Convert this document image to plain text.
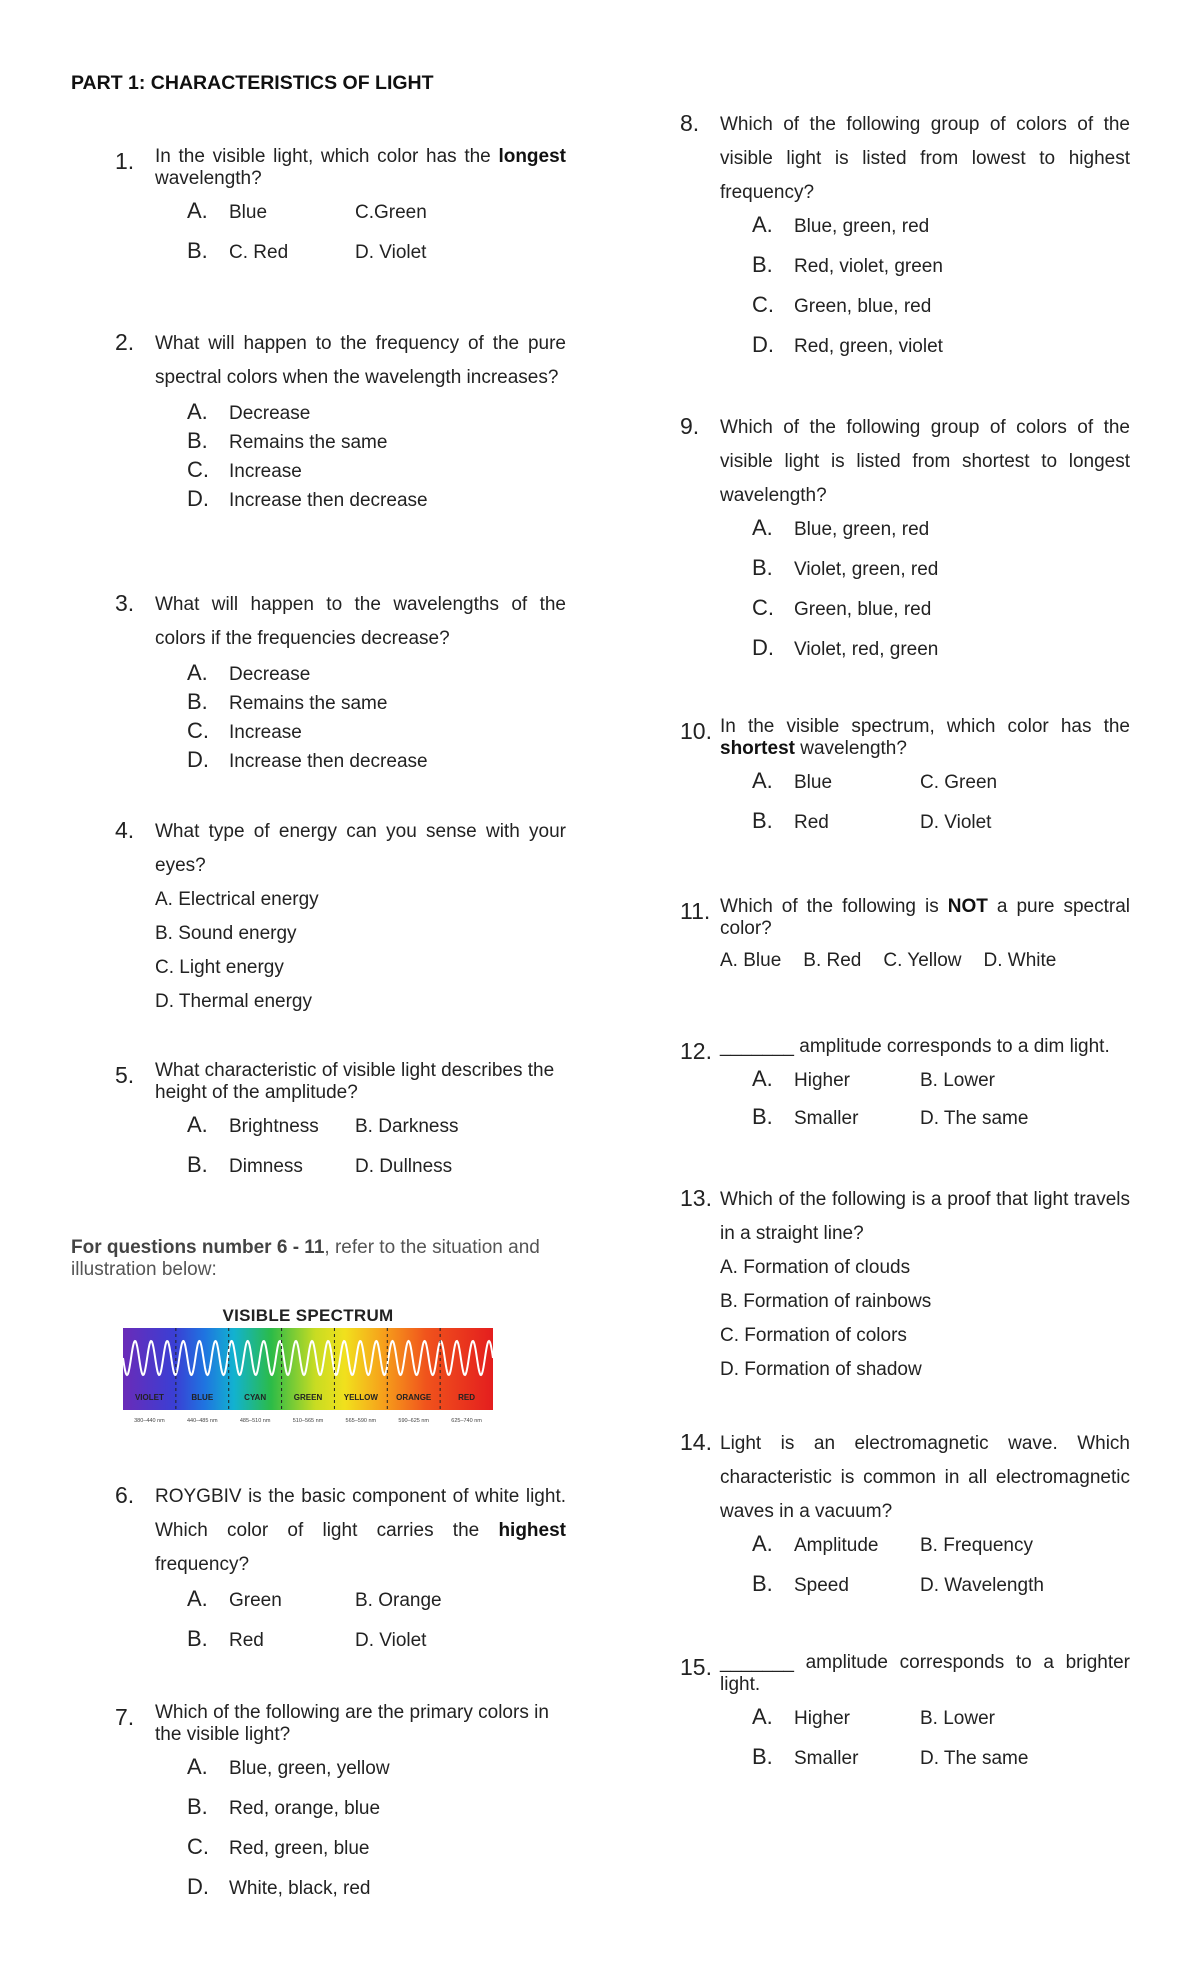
PART 1: CHARACTERISTICS OF LIGHT
1. In the visible light, which color has the longest wavelength?
A.	Blue	C.Green
B.	C. Red	D. Violet
2. What will happen to the frequency of the pure spectral colors when the wavelength increases?
A.	Decrease
B.	Remains the same
C.	Increase
D.	Increase then decrease
3. What will happen to the wavelengths of the colors if the frequencies decrease?
A.	Decrease
B.	Remains the same
C.	Increase
D.	Increase then decrease
4. What type of energy can you sense with your eyes?
A. Electrical energy
B. Sound energy
C. Light energy
D. Thermal energy
5. What characteristic of visible light describes the height of the amplitude?
A.	Brightness B. Darkness
B.	Dimness	D. Dullness
For questions number 6 - 11, refer to the situation and illustration below:
VISIBLE SPECTRUM
VIOLET	BLUE	CYAN	GREEN	YELLOW ORANGE	RED
380–440 nm	440–485 nm	485–510 nm	510–565 nm	565–590 nm	590–625 nm	625–740 nm
6. ROYGBIV is the basic component of white light. Which color of light carries the highest frequency?
A.	Green	B. Orange
B.	Red	D. Violet
7. Which of the following are the primary colors in the visible light?
A.	Blue, green, yellow
B.	Red, orange, blue
C.	Red, green, blue
D.	White, black, red
8. Which of the following group of colors of the visible light is listed from lowest to highest frequency?
A.	Blue, green, red
B.	Red, violet, green
C.	Green, blue, red
D.	Red, green, violet
9. Which of the following group of colors of the visible light is listed from shortest to longest wavelength?
A.	Blue, green, red
B.	Violet, green, red
C.	Green, blue, red
D.	Violet, red, green
10. In the visible spectrum, which color has the shortest wavelength?
A.	Blue	C. Green
B.	Red	D. Violet
11. Which of the following is NOT a pure spectral color?
A. Blue B. Red C. Yellow D. White
12. _______ amplitude corresponds to a dim light.
A.	Higher	B. Lower
B.	Smaller	D. The same
13. Which of the following is a proof that light travels in a straight line?
A. Formation of clouds
B. Formation of rainbows
C. Formation of colors
D. Formation of shadow
14. Light is an electromagnetic wave. Which characteristic is common in all electromagnetic waves in a vacuum?
A.	Amplitude B. Frequency
B.	Speed	D. Wavelength
15. _______ amplitude corresponds to a brighter light.
A.	Higher	B. Lower
B.	Smaller	D. The same
